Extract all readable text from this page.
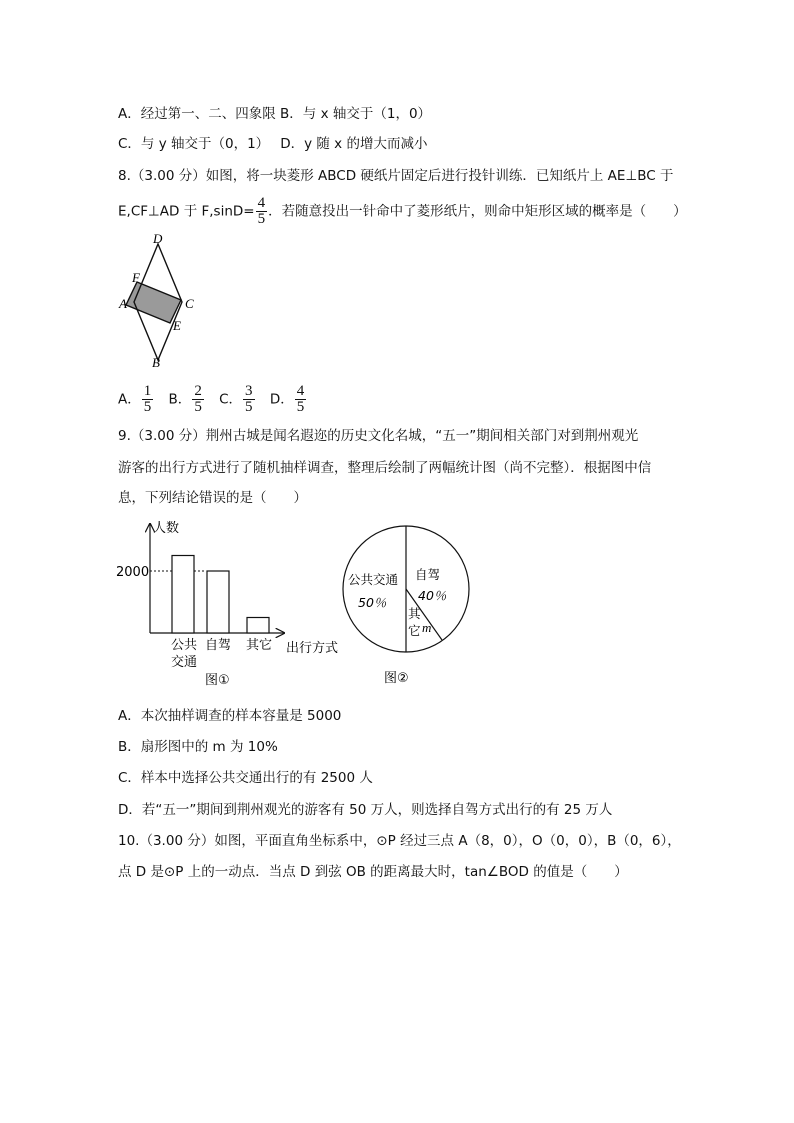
A．经过第一、二、四象限 B．与 x 轴交于（1，0）
C．与 y 轴交于（0，1）　 D．y 随 x 的增大而减小
8.（3.00 分）如图，将一块菱形 ABCD 硬纸片固定后进行投针训练．已知纸片上 AE⊥BC 于
E,CF⊥AD 于 $F,\sin D= \frac{4}{5}$ ．若随意投出一针命中了菱形纸片，则命中矩形区域的概率是（　　）
D
F
A	C
E
B
A． $\frac{1}{5}$ B． $\frac{2}{5}$ C． $\frac{3}{5}$ D． $\frac{4}{5}$
9.（3.00 分）荆州古城是闻名遐迩的历史文化名城，“五一”期间相关部门对到荆州观光
游客的出行方式进行了随机抽样调查，整理后绘制了两幅统计图（尚不完整）．根据图中信
息，下列结论错误的是（　　）
人数
2000
公共
交通
自驾 其它 出行方式
图①
公共交通
50％
自驾
40％
其
它 m
图②
A．本次抽样调查的样本容量是 5000
B．扇形图中的 m 为 10%
C．样本中选择公共交通出行的有 2500 人
D．若“五一”期间到荆州观光的游客有 50 万人，则选择自驾方式出行的有 25 万人
10.（3.00 分）如图，平面直角坐标系中，⊙P 经过三点 A（8，0），O（0，0），B（0，6），
点 D 是⊙P 上的一动点．当点 D 到弦 OB 的距离最大时，tan∠BOD 的值是（　　）
